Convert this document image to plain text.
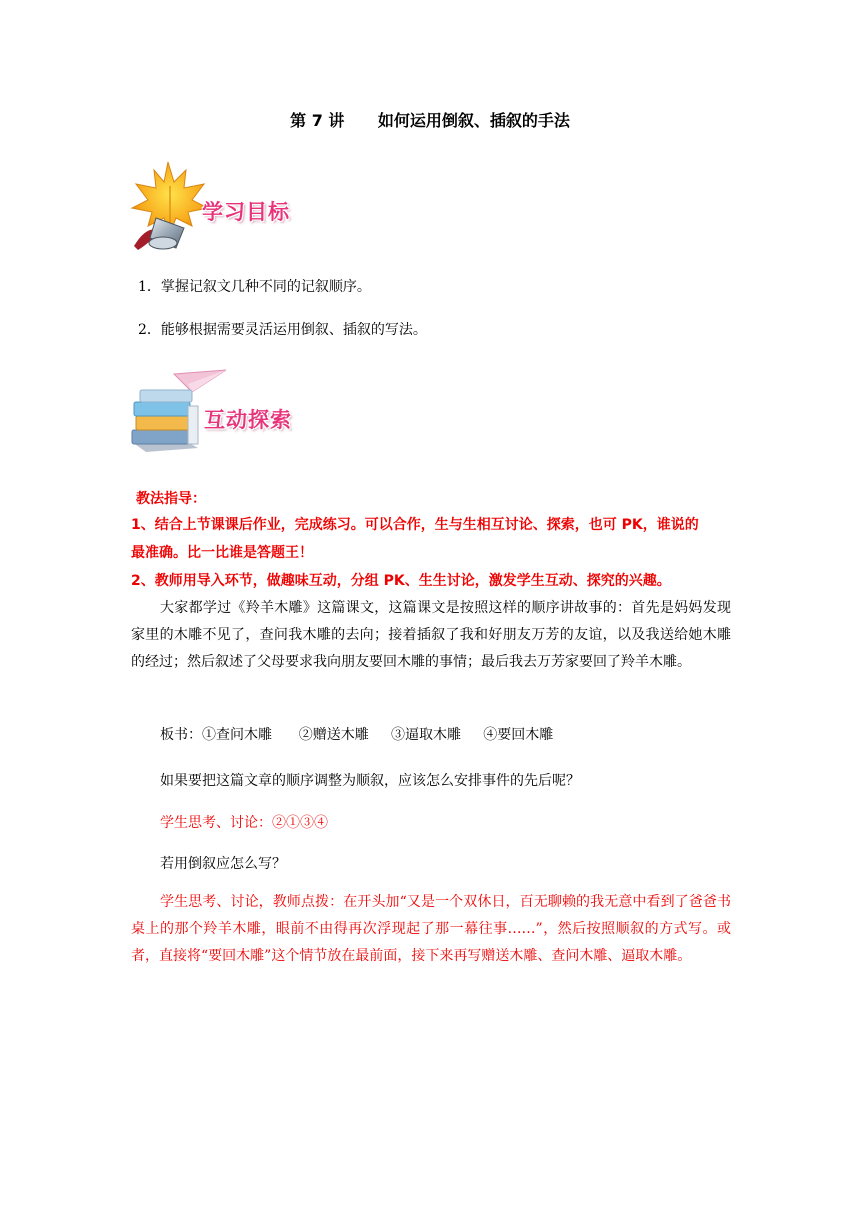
第 7 讲      如何运用倒叙、插叙的手法
学习目标
1．掌握记叙文几种不同的记叙顺序。
2．能够根据需要灵活运用倒叙、插叙的写法。
互动探索
教法指导：
1、结合上节课课后作业，完成练习。可以合作，生与生相互讨论、探索，也可 PK，谁说的
最准确。比一比谁是答题王！
2、教师用导入环节，做趣味互动，分组 PK、生生讨论，激发学生互动、探究的兴趣。
大家都学过《羚羊木雕》这篇课文，这篇课文是按照这样的顺序讲故事的：首先是妈妈发现家里的木雕不见了，查问我木雕的去向；接着插叙了我和好朋友万芳的友谊，以及我送给她木雕的经过；然后叙述了父母要求我向朋友要回木雕的事情；最后我去万芳家要回了羚羊木雕。
板书：①查问木雕      ②赠送木雕     ③逼取木雕     ④要回木雕
如果要把这篇文章的顺序调整为顺叙，应该怎么安排事件的先后呢？
学生思考、讨论：②①③④
若用倒叙应怎么写？
学生思考、讨论，教师点拨：在开头加“又是一个双休日，百无聊赖的我无意中看到了爸爸书桌上的那个羚羊木雕，眼前不由得再次浮现起了那一幕往事……”，然后按照顺叙的方式写。或者，直接将“要回木雕”这个情节放在最前面，接下来再写赠送木雕、查问木雕、逼取木雕。
